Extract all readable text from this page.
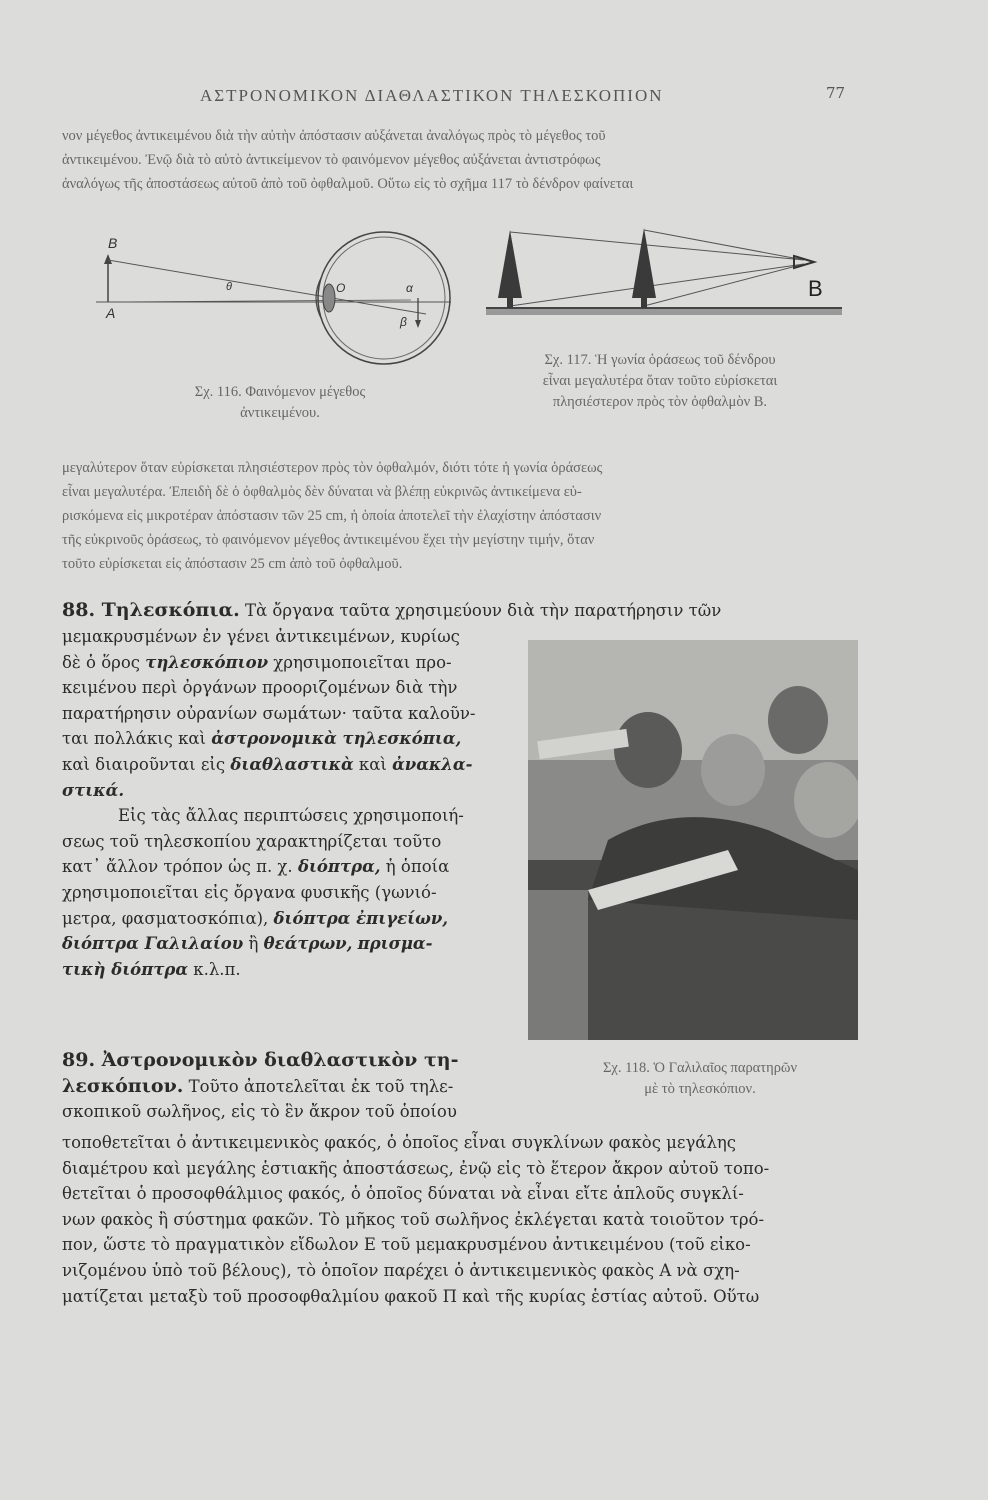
ΑΣΤΡΟΝΟΜΙΚΟΝ ΔΙΑΘΛΑΣΤΙΚΟΝ ΤΗΛΕΣΚΟΠΙΟΝ	77

νον μέγεθος ἀντικειμένου διὰ τὴν αὐτὴν ἀπόστασιν αὐξάνεται ἀναλόγως πρὸς τὸ μέγεθος τοῦ

ἀντικειμένου. Ἐνῷ διὰ τὸ αὐτὸ ἀντικείμενον τὸ φαινόμενον μέγεθος αὐξάνεται ἀντιστρόφως

ἀναλόγως τῆς ἀποστάσεως αὐτοῦ ἀπὸ τοῦ ὀφθαλμοῦ. Οὕτω εἰς τὸ σχῆμα 117 τὸ δένδρον φαίνεται

B
A
θ	O	α
β
Σχ. 116. Φαινόμενον μέγεθος
ἀντικειμένου.
B
Σχ. 117. Ἡ γωνία ὁράσεως τοῦ δένδρου
εἶναι μεγαλυτέρα ὅταν τοῦτο εὑρίσκεται
πλησιέστερον πρὸς τὸν ὀφθαλμὸν B.

μεγαλύτερον ὅταν εὑρίσκεται πλησιέστερον πρὸς τὸν ὀφθαλμόν, διότι τότε ἡ γωνία ὁράσεως

εἶναι μεγαλυτέρα. Ἐπειδὴ δὲ ὁ ὀφθαλμὸς δὲν δύναται νὰ βλέπῃ εὐκρινῶς ἀντικείμενα εὑ-

ρισκόμενα εἰς μικροτέραν ἀπόστασιν τῶν 25 cm, ἡ ὁποία ἀποτελεῖ τὴν ἐλαχίστην ἀπόστασιν

τῆς εὐκρινοῦς ὁράσεως, τὸ φαινόμενον μέγεθος ἀντικειμένου ἔχει τὴν μεγίστην τιμήν, ὅταν

τοῦτο εὑρίσκεται εἰς ἀπόστασιν 25 cm ἀπὸ τοῦ ὀφθαλμοῦ.

88. Τηλεσκόπια. Τὰ ὄργανα ταῦτα χρησιμεύουν διὰ τὴν παρατήρησιν τῶν

μεμακρυσμένων ἐν γένει ἀντικειμένων, κυρίως

δὲ ὁ ὅρος τηλεσκόπιον χρησιμοποιεῖται προ-

κειμένου περὶ ὀργάνων προοριζομένων διὰ τὴν

παρατήρησιν οὐρανίων σωμάτων· ταῦτα καλοῦν-

ται πολλάκις καὶ ἀστρονομικὰ τηλεσκόπια,

καὶ διαιροῦνται εἰς διαθλαστικὰ καὶ ἀνακλα-

στικά.

Εἰς τὰς ἄλλας περιπτώσεις χρησιμοποιή-

σεως τοῦ τηλεσκοπίου χαρακτηρίζεται τοῦτο

κατ᾽ ἄλλον τρόπον ὡς π. χ. διόπτρα, ἡ ὁποία

χρησιμοποιεῖται εἰς ὄργανα φυσικῆς (γωνιό-

μετρα, φασματοσκόπια), διόπτρα ἐπιγείων,

διόπτρα Γαλιλαίου ἢ θεάτρων, πρισμα-

τικὴ διόπτρα κ.λ.π.

Σχ. 118. Ὁ Γαλιλαῖος παρατηρῶν
μὲ τὸ τηλεσκόπιον.

89. Ἀστρονομικὸν διαθλαστικὸν τη-

λεσκόπιον. Τοῦτο ἀποτελεῖται ἐκ τοῦ τηλε-

σκοπικοῦ σωλῆνος, εἰς τὸ ἓν ἄκρον τοῦ ὁποίου

τοποθετεῖται ὁ ἀντικειμενικὸς φακός, ὁ ὁποῖος εἶναι συγκλίνων φακὸς μεγάλης

διαμέτρου καὶ μεγάλης ἑστιακῆς ἀποστάσεως, ἐνῷ εἰς τὸ ἕτερον ἄκρον αὐτοῦ τοπο-

θετεῖται ὁ προσοφθάλμιος φακός, ὁ ὁποῖος δύναται νὰ εἶναι εἴτε ἁπλοῦς συγκλί-

νων φακὸς ἢ σύστημα φακῶν. Τὸ μῆκος τοῦ σωλῆνος ἐκλέγεται κατὰ τοιοῦτον τρό-

πον, ὥστε τὸ πραγματικὸν εἴδωλον Ε τοῦ μεμακρυσμένου ἀντικειμένου (τοῦ εἰκο-

νιζομένου ὑπὸ τοῦ βέλους), τὸ ὁποῖον παρέχει ὁ ἀντικειμενικὸς φακὸς Α νὰ σχη-

ματίζεται μεταξὺ τοῦ προσοφθαλμίου φακοῦ Π καὶ τῆς κυρίας ἑστίας αὐτοῦ. Οὕτω
